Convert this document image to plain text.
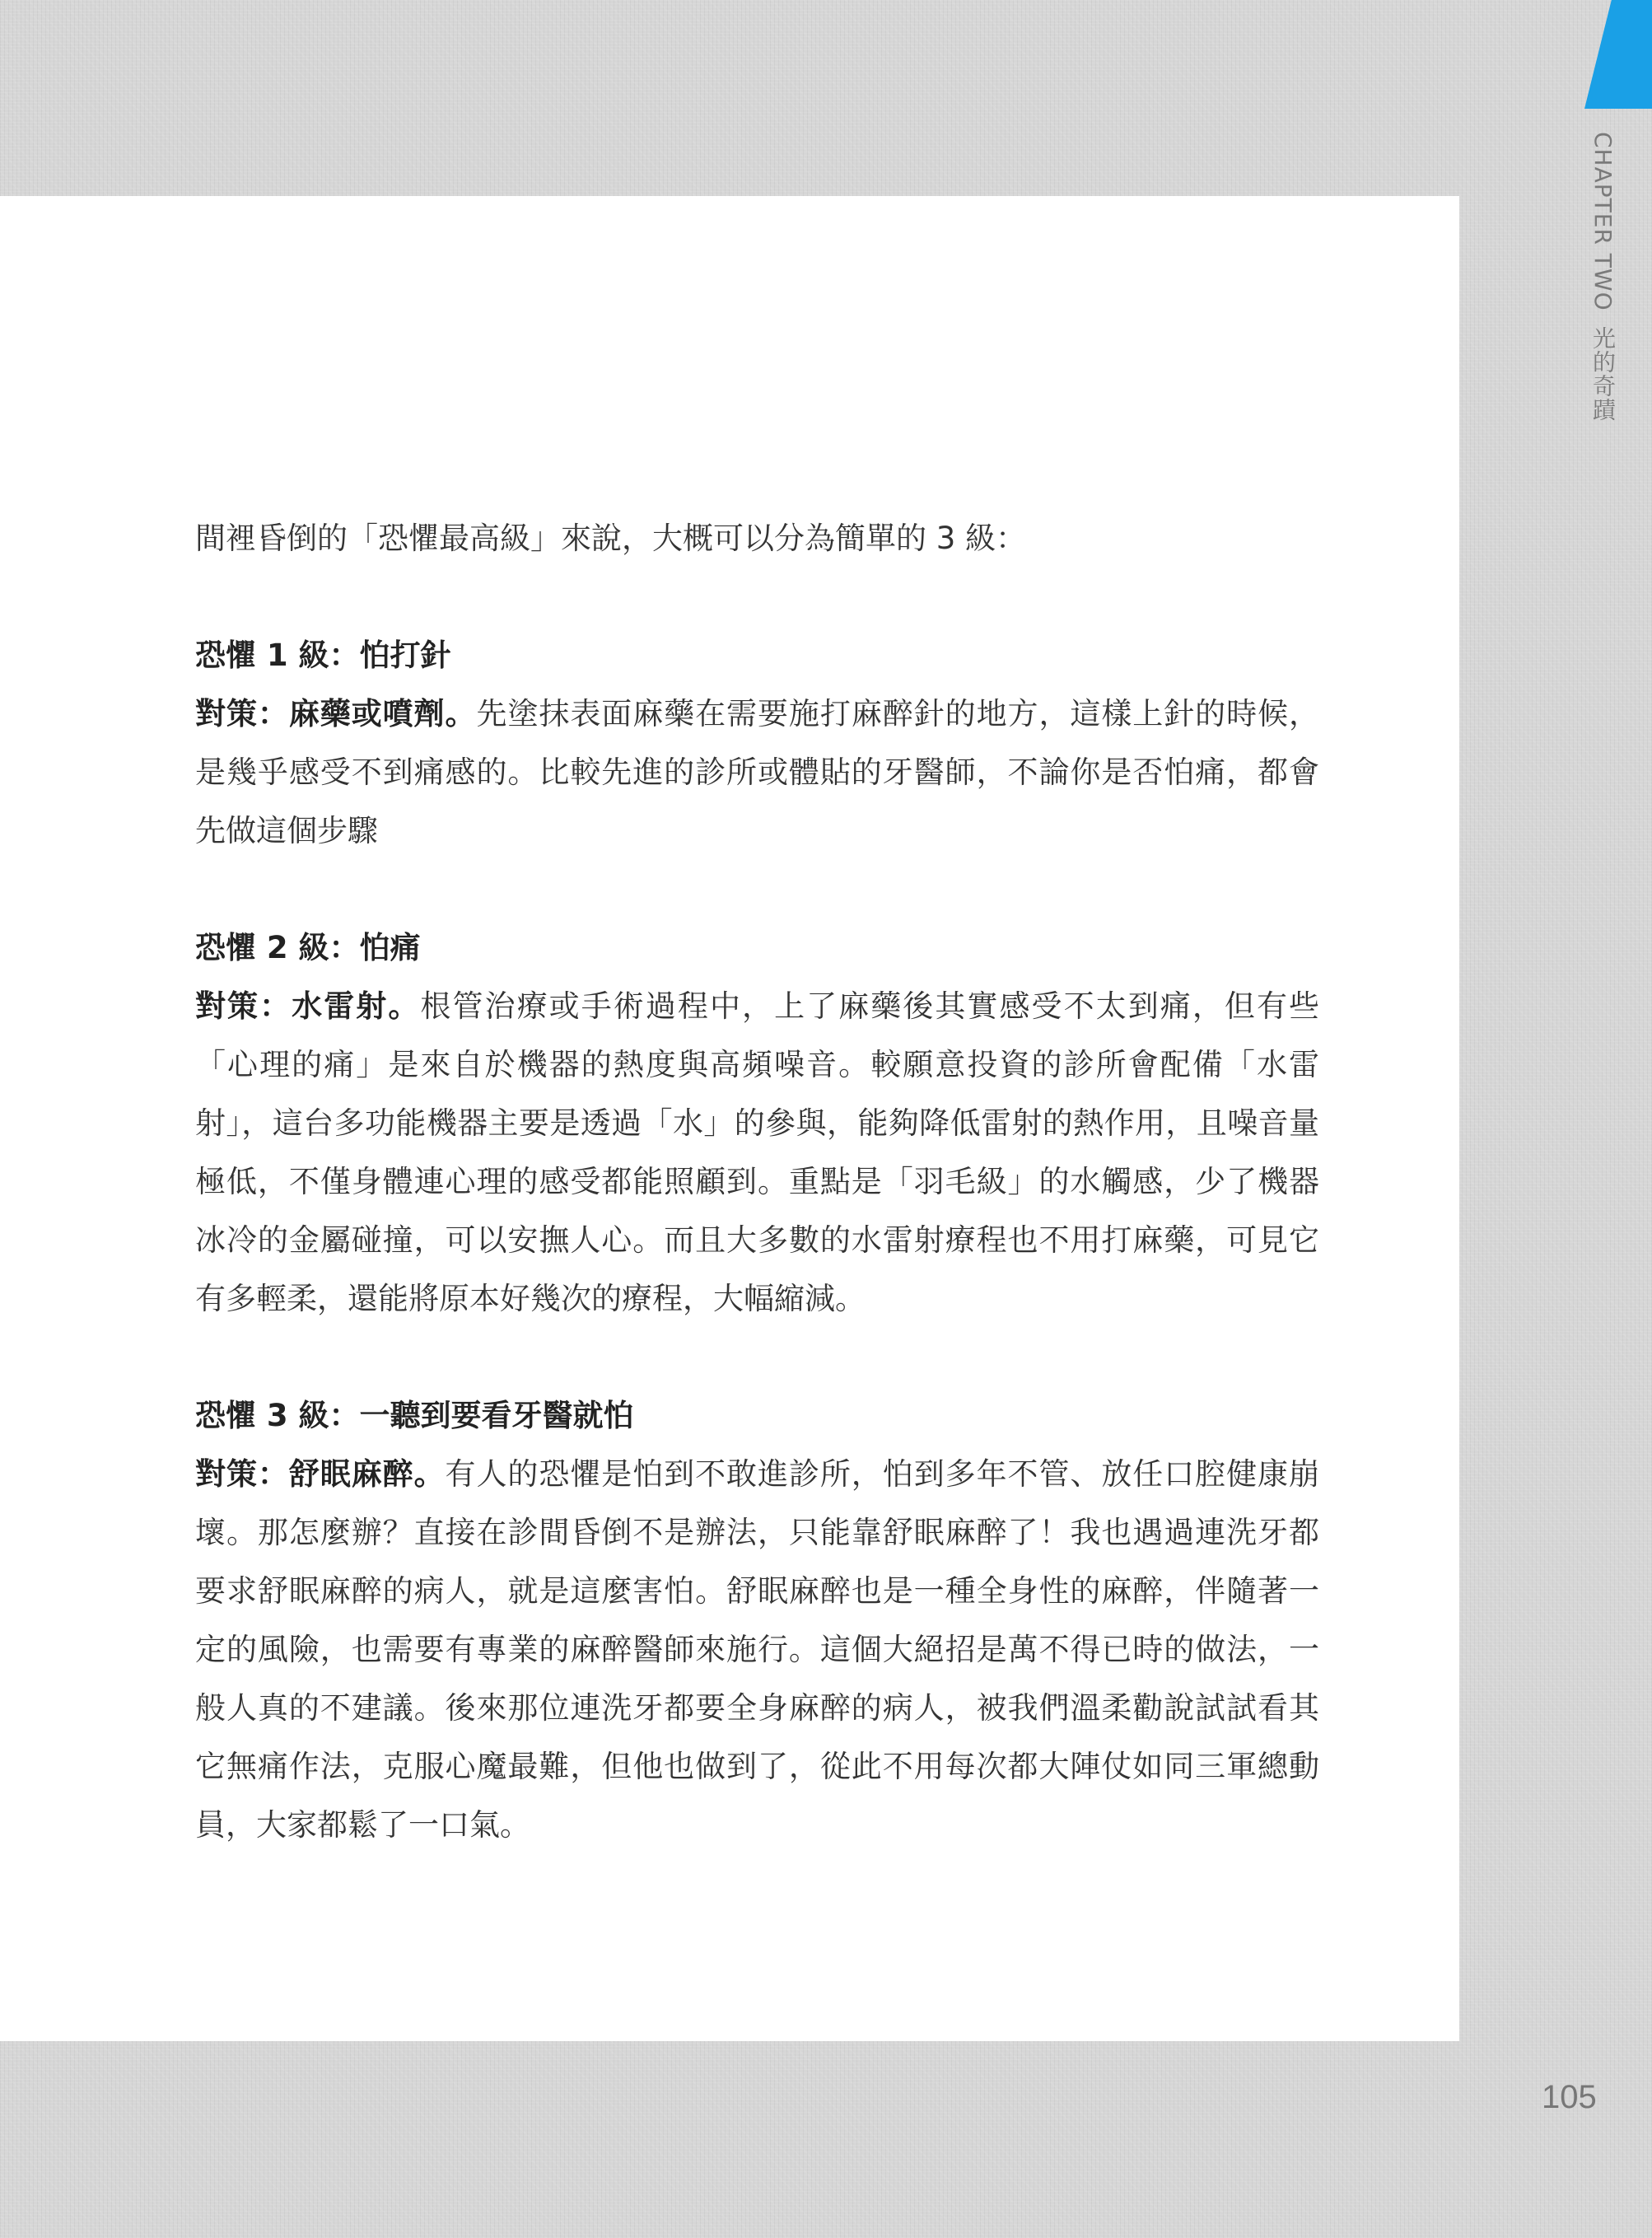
CHAPTER TWO光的奇蹟

間裡昏倒的「恐懼最高級」來說，大概可以分為簡單的 3 級：

恐懼 1 級：怕打針

對策：麻藥或噴劑。先塗抹表面麻藥在需要施打麻醉針的地方，這樣上針的時候，是幾乎感受不到痛感的。比較先進的診所或體貼的牙醫師，不論你是否怕痛，都會先做這個步驟

恐懼 2 級：怕痛

對策：水雷射。根管治療或手術過程中，上了麻藥後其實感受不太到痛，但有些「心理的痛」是來自於機器的熱度與高頻噪音。較願意投資的診所會配備「水雷射」，這台多功能機器主要是透過「水」的參與，能夠降低雷射的熱作用，且噪音量極低，不僅身體連心理的感受都能照顧到。重點是「羽毛級」的水觸感，少了機器冰冷的金屬碰撞，可以安撫人心。而且大多數的水雷射療程也不用打麻藥，可見它有多輕柔，還能將原本好幾次的療程，大幅縮減。

恐懼 3 級：一聽到要看牙醫就怕

對策：舒眠麻醉。有人的恐懼是怕到不敢進診所，怕到多年不管、放任口腔健康崩壞。那怎麼辦？直接在診間昏倒不是辦法，只能靠舒眠麻醉了！我也遇過連洗牙都要求舒眠麻醉的病人，就是這麼害怕。舒眠麻醉也是一種全身性的麻醉，伴隨著一定的風險，也需要有專業的麻醉醫師來施行。這個大絕招是萬不得已時的做法，一般人真的不建議。後來那位連洗牙都要全身麻醉的病人，被我們溫柔勸說試試看其它無痛作法，克服心魔最難，但他也做到了，從此不用每次都大陣仗如同三軍總動員，大家都鬆了一口氣。

105
